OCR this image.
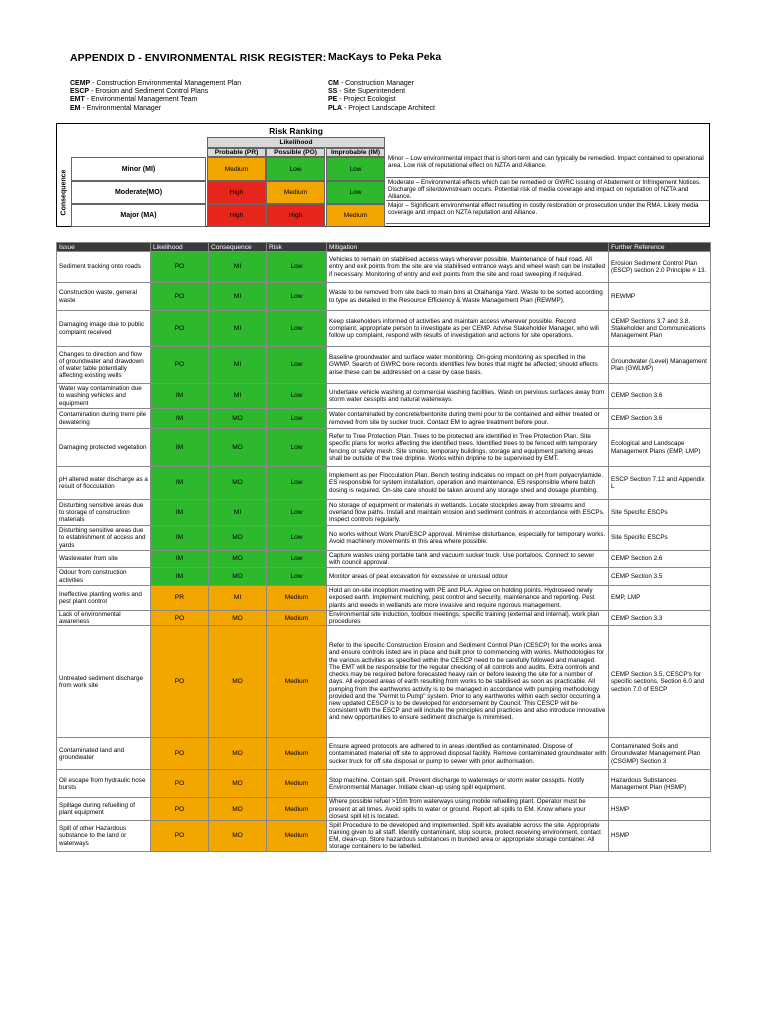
APPENDIX D - ENVIRONMENTAL RISK REGISTER: MacKays to Peka Peka
CEMP - Construction Environmental Management Plan
ESCP - Erosion and Sediment Control Plans
EMT - Environmental Management Team
EM - Environmental Manager
CM - Construction Manager
SS - Site Superintendent
PE - Project Ecologist
PLA - Project Landscape Architect
Risk Ranking
Likelihood
Consequence
Probable (PR)	Possible (PO)	Improbable (IM)
Minor (MI)	Medium	Low	Low
Minor – Low environmental impact that is short-term and can typically be remedied. Impact contained to operational area. Low risk of reputational effect on NZTA and Alliance.
Moderate(MO)	High	Medium	Low
Moderate – Environmental effects which can be remedied or GWRC issuing of Abatement or Infringement Notices. Discharge off site/downstream occurs. Potential risk of media coverage and impact on reputation of NZTA and Alliance.
Major (MA)	High	High	Medium
Major – Significant environmental effect resulting in costly restoration or prosecution under the RMA. Likely media coverage and impact on NZTA reputation and Alliance.
Issue	Likelihood	Consequence	Risk	Mitigation	Further Reference
Sediment tracking onto roads	PO	MI	Low	Vehicles to remain on stabilised access ways wherever possible. Maintenance of haul road. All entry and exit points from the site are via stabilised entrance ways and wheel wash can be installed if necessary. Monitoring of entry and exit points from the site and road sweeping if required.	Erosion Sediment Control Plan (ESCP) section 2.0 Principle # 13.
Construction waste, general waste	PO	MI	Low	Waste to be removed from site back to main bins at Otaihanga Yard. Waste to be sorted according to type as detailed in the Resource Efficiency & Waste Management Plan (REWMP).	REWMP
Damaging image due to public complaint received	PO	MI	Low	Keep stakeholders informed of activities and maintain access wherever possible. Record complaint, appropriate person to investigate as per CEMP. Advise Stakeholder Manager, who will follow up complaint, respond with results of investigation and actions for site operations.	CEMP Sections 3.7 and 3.8. Stakeholder and Communications Management Plan
Changes to direction and flow of groundwater and drawdown of water table potentially affecting existing wells	PO	MI	Low	Baseline groundwater and surface water monitoring. On-going monitoring as specified in the GWMP. Search of GWRC bore records identifies few bores that might be affected; should effects arise these can be addressed on a case by case basis.	Groundwater (Level) Management Plan (GWLMP)
Water way contamination due to washing vehicles and equipment	IM	MI	Low	Undertake vehicle washing at commercial washing facilities. Wash on pervious surfaces away from storm water cesspits and natural waterways.	CEMP Section 3.6
Contamination during tremi pile dewatering	IM	MO	Low	Water contaminated by concrete/bentonite during tremi pour to be contained and either treated or removed from site by sucker truck. Contact EM to agree treatment before pour.	CEMP Section 3.6
Damaging protected vegetation	IM	MO	Low	Refer to Tree Protection Plan. Trees to be protected are identified in Tree Protection Plan. Site specific plans for works affecting the identified trees. Identified trees to be fenced with temporary fencing or safety mesh. Site smoko, temporary buildings, storage and equipment parking areas shall be outside of the tree dripline. Works within dripline to be supervised by EMT.	Ecological and Landscape Management Plans (EMP, LMP)
pH altered water discharge as a result of flocculation	IM	MO	Low	Implement as per Flocculation Plan. Bench testing indicates no impact on pH from polyacrylamide. ES responsible for system installation, operation and maintenance. ES responsible where batch dosing is required. On-site care should be taken around any storage shed and dosage plumbing.	ESCP Section 7.12 and Appendix L
Disturbing sensitive areas due to storage of construction materials	IM	MI	Low	No storage of equipment or materials in wetlands. Locate stockpiles away from streams and overland flow paths. Install and maintain erosion and sediment controls in accordance with ESCPs. Inspect controls regularly.	Site Specific ESCPs
Disturbing sensitive areas due to establishment of access and yards	IM	MO	Low	No works without Work Plan/ESCP approval. Minimise disturbance, especially for temporary works. Avoid machinery movements in this area where possible.	Site Specific ESCPs
Wastewater from site	IM	MO	Low	Capture wastes using portable tank and vacuum sucker truck. Use portaloos. Connect to sewer with council approval.	CEMP Section 2.6
Odour from construction activities	IM	MO	Low	Monitor areas of peat excavation for excessive or unusual odour	CEMP Section 3.5
Ineffective planting works and pest plant control	PR	MI	Medium	Hold an on-site inception meeting with PE and PLA. Agree on holding points. Hydroseed newly exposed earth. Implement mulching, pest control and security, maintenance and reporting. Pest plants and weeds in wetlands are more invasive and require rigorous management.	EMP, LMP
Lack of environmental awareness	PO	MO	Medium	Environmental site induction, toolbox meetings, specific training (external and internal), work plan procedures	CEMP Section 3.3
Untreated sediment discharge from work site	PO	MO	Medium	Refer to the specific Construction Erosion and Sediment Control Plan (CESCP) for the works area and ensure controls listed are in place and built prior to commencing with works. Methodologies for the various activities as specified within the CESCP need to be carefully followed and managed. The EMT will be responsible for the regular checking of all controls and audits. Extra controls and checks may be required before forecasted heavy rain or before leaving the site for a number of days. All exposed areas of earth resulting from works to be stabilised as soon as practicable. All pumping from the earthworks activity is to be managed in accordance with pumping methodology provided and the "Permit to Pump" system. Prior to any earthworks within each sector occurring a new updated CESCP is to be developed for endorsement by Council. This CESCP will be consistent with the ESCP and will include the principles and practices and also introduce innovative and new opportunities to ensure sediment discharge is minimised.	CEMP Section 3.5, CESCP's for specific sections. Section 6.0 and section 7.0 of ESCP
Contaminated land and groundwater	PO	MO	Medium	Ensure agreed protocols are adhered to in areas identified as contaminated. Dispose of contaminated material off site to approved disposal facility. Remove contaminated groundwater with sucker truck for off site disposal or pump to sewer with prior authorisation.	Contaminated Soils and Groundwater Management Plan (CSGMP) Section 3
Oil escape from hydraulic hose bursts	PO	MO	Medium	Stop machine. Contain spill. Prevent discharge to waterways or storm water cesspits. Notify Environmental Manager. Initiate clean-up using spill equipment.	Hazardous Substances Management Plan (HSMP)
Spillage during refuelling of plant equipment	PO	MO	Medium	Where possible refuel >10m from waterways using mobile refuelling plant. Operator must be present at all times. Avoid spills to water or ground. Report all spills to EM. Know where your closest spill kit is located.	HSMP
Spill of other Hazardous substance to the land or waterways	PO	MO	Medium	Spill Procedure to be developed and implemented. Spill kits available across the site. Appropriate training given to all staff. Identify contaminant, stop source, protect receiving environment, contact EM, clean-up. Store hazardous substances in bunded area or appropriate storage container. All storage containers to be labelled.	HSMP
